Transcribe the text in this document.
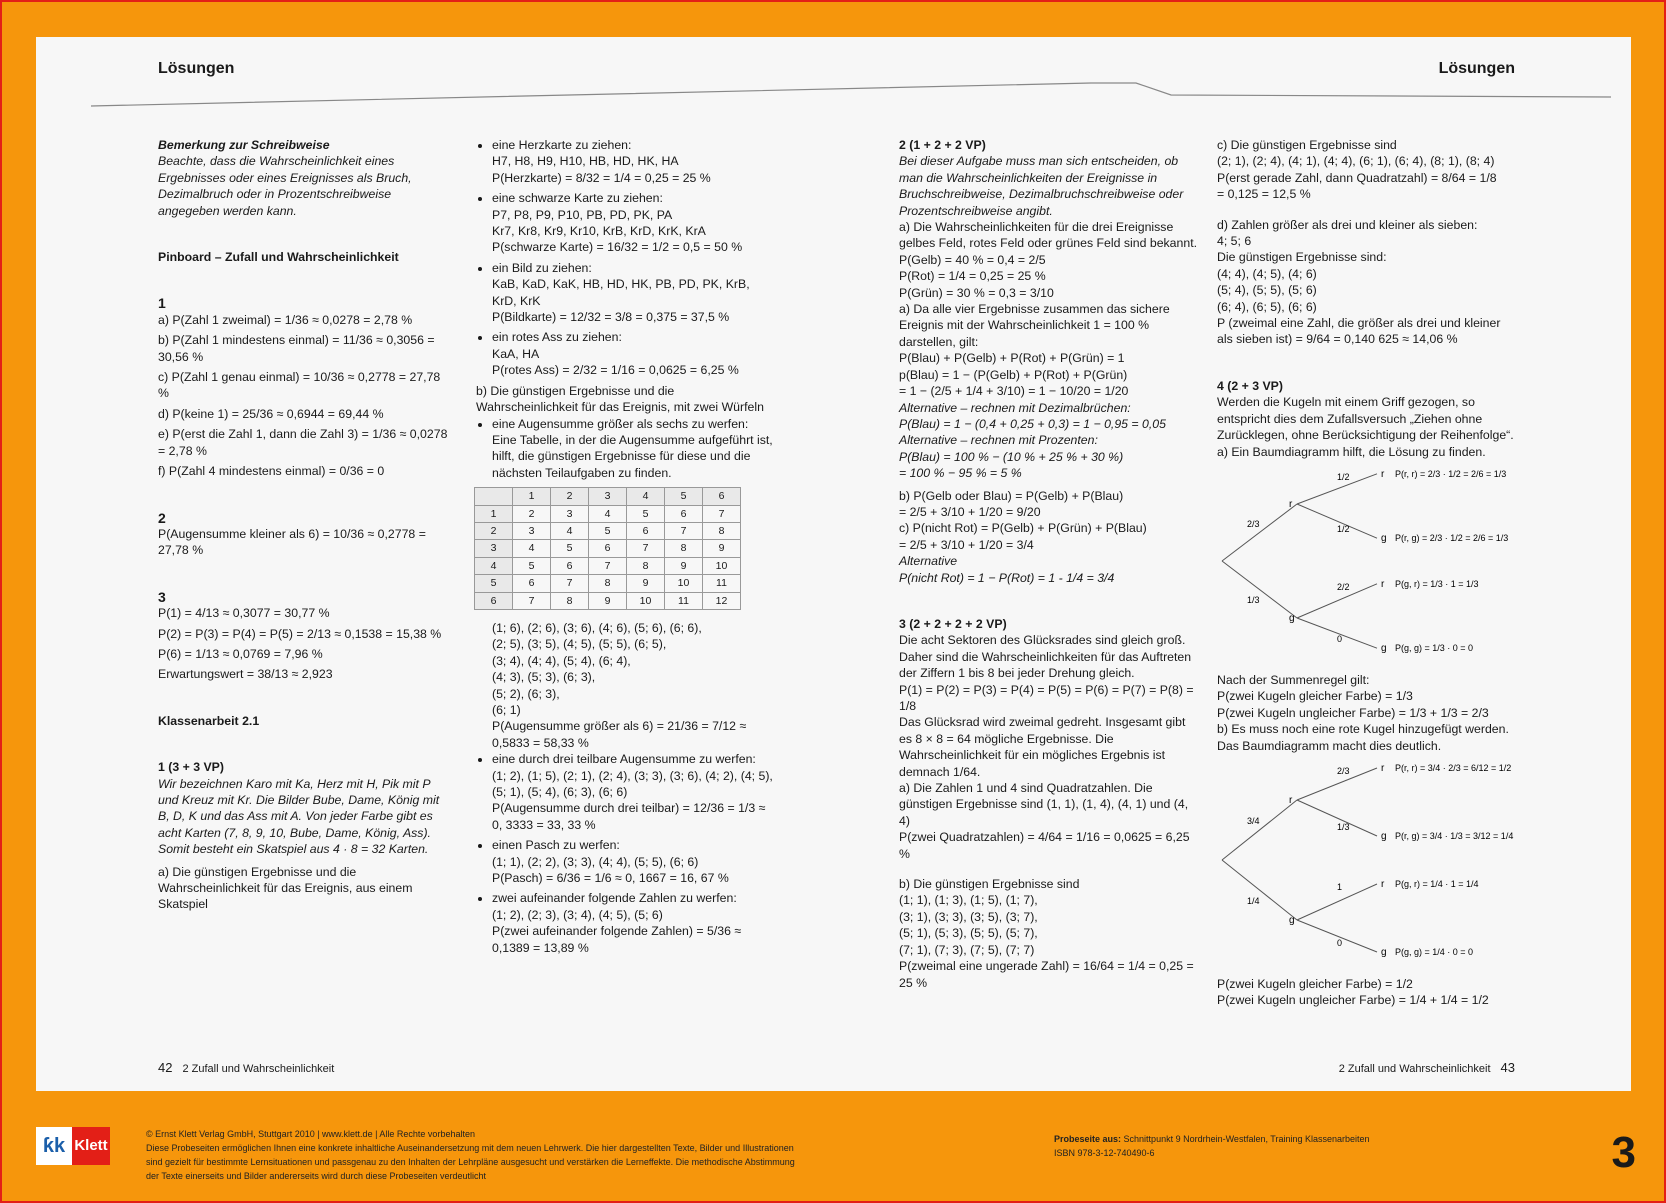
Lösungen	Lösungen
Bemerkung zur Schreibweise
Beachte, dass die Wahrscheinlichkeit eines Ergebnisses oder eines Ereignisses als Bruch, Dezimalbruch oder in Prozentschreibweise angegeben werden kann.
Pinboard – Zufall und Wahrscheinlichkeit
1
a) P(Zahl 1 zweimal) = 1/36 ≈ 0,0278 = 2,78 %
b) P(Zahl 1 mindestens einmal) = 11/36 ≈ 0,3056 = 30,56 %
c) P(Zahl 1 genau einmal) = 10/36 ≈ 0,2778 = 27,78 %
d) P(keine 1) = 25/36 ≈ 0,6944 = 69,44 %
e) P(erst die Zahl 1, dann die Zahl 3) = 1/36 ≈ 0,0278 = 2,78 %
f) P(Zahl 4 mindestens einmal) = 0/36 = 0
2
P(Augensumme kleiner als 6) = 10/36 ≈ 0,2778 = 27,78 %
3
P(1) = 4/13 ≈ 0,3077 = 30,77 %
P(2) = P(3) = P(4) = P(5) = 2/13 ≈ 0,1538 = 15,38 %
P(6) = 1/13 ≈ 0,0769 = 7,96 %
Erwartungswert = 38/13 ≈ 2,923
Klassenarbeit 2.1
1 (3 + 3 VP)
Wir bezeichnen Karo mit Ka, Herz mit H, Pik mit P und Kreuz mit Kr. Die Bilder Bube, Dame, König mit B, D, K und das Ass mit A. Von jeder Farbe gibt es acht Karten (7, 8, 9, 10, Bube, Dame, König, Ass). Somit besteht ein Skatspiel aus 4 · 8 = 32 Karten.
a) Die günstigen Ergebnisse und die Wahrscheinlichkeit für das Ereignis, aus einem Skatspiel
• eine Herzkarte zu ziehen:
H7, H8, H9, H10, HB, HD, HK, HA
P(Herzkarte) = 8/32 = 1/4 = 0,25 = 25 %
• eine schwarze Karte zu ziehen:
P7, P8, P9, P10, PB, PD, PK, PA
Kr7, Kr8, Kr9, Kr10, KrB, KrD, KrK, KrA
P(schwarze Karte) = 16/32 = 1/2 = 0,5 = 50 %
• ein Bild zu ziehen:
KaB, KaD, KaK, HB, HD, HK, PB, PD, PK, KrB, KrD, KrK
P(Bildkarte) = 12/32 = 3/8 = 0,375 = 37,5 %
• ein rotes Ass zu ziehen:
KaA, HA
P(rotes Ass) = 2/32 = 1/16 = 0,0625 = 6,25 %
b) Die günstigen Ergebnisse und die Wahrscheinlichkeit für das Ereignis, mit zwei Würfeln
• eine Augensumme größer als sechs zu werfen: Eine Tabelle, in der die Augensumme aufgeführt ist, hilft, die günstigen Ergebnisse für diese und die nächsten Teilaufgaben zu finden.
	1	2	3	4	5	6
1	2	3	4	5	6	7
2	3	4	5	6	7	8
3	4	5	6	7	8	9
4	5	6	7	8	9	10
5	6	7	8	9	10	11
6	7	8	9	10	11	12
(1; 6), (2; 6), (3; 6), (4; 6), (5; 6), (6; 6),
(2; 5), (3; 5), (4; 5), (5; 5), (6; 5),
(3; 4), (4; 4), (5; 4), (6; 4),
(4; 3), (5; 3), (6; 3),
(5; 2), (6; 3),
(6; 1)
P(Augensumme größer als 6) = 21/36 = 7/12 ≈ 0,5833 = 58,33 %
• eine durch drei teilbare Augensumme zu werfen:
(1; 2), (1; 5), (2; 1), (2; 4), (3; 3), (3; 6), (4; 2), (4; 5), (5; 1), (5; 4), (6; 3), (6; 6)
P(Augensumme durch drei teilbar) = 12/36 = 1/3 ≈ 0, 3333 = 33, 33 %
• einen Pasch zu werfen:
(1; 1), (2; 2), (3; 3), (4; 4), (5; 5), (6; 6)
P(Pasch) = 6/36 = 1/6 ≈ 0, 1667 = 16, 67 %
• zwei aufeinander folgende Zahlen zu werfen:
(1; 2), (2; 3), (3; 4), (4; 5), (5; 6)
P(zwei aufeinander folgende Zahlen) = 5/36 ≈ 0,1389 = 13,89 %
2 (1 + 2 + 2 VP)
Bei dieser Aufgabe muss man sich entscheiden, ob man die Wahrscheinlichkeiten der Ereignisse in Bruchschreibweise, Dezimalbruchschreibweise oder Prozentschreibweise angibt.
a) Die Wahrscheinlichkeiten für die drei Ereignisse gelbes Feld, rotes Feld oder grünes Feld sind bekannt.
P(Gelb) = 40 % = 0,4 = 2/5
P(Rot) = 1/4 = 0,25 = 25 %
P(Grün) = 30 % = 0,3 = 3/10
a) Da alle vier Ergebnisse zusammen das sichere Ereignis mit der Wahrscheinlichkeit 1 = 100 % darstellen, gilt:
P(Blau) + P(Gelb) + P(Rot) + P(Grün) = 1
p(Blau) = 1 − (P(Gelb) + P(Rot) + P(Grün)
= 1 − (2/5 + 1/4 + 3/10) = 1 − 10/20 = 1/20
Alternative – rechnen mit Dezimalbrüchen:
P(Blau) = 1 − (0,4 + 0,25 + 0,3) = 1 − 0,95 = 0,05
Alternative – rechnen mit Prozenten:
P(Blau) = 100 % − (10 % + 25 % + 30 %)
= 100 % − 95 % = 5 %
b) P(Gelb oder Blau) = P(Gelb) + P(Blau)
= 2/5 + 3/10 + 1/20 = 9/20
c) P(nicht Rot) = P(Gelb) + P(Grün) + P(Blau)
= 2/5 + 3/10 + 1/20 = 3/4
Alternative
P(nicht Rot) = 1 − P(Rot) = 1 - 1/4 = 3/4
3 (2 + 2 + 2 + 2 VP)
Die acht Sektoren des Glücksrades sind gleich groß. Daher sind die Wahrscheinlichkeiten für das Auftreten der Ziffern 1 bis 8 bei jeder Drehung gleich.
P(1) = P(2) = P(3) = P(4) = P(5) = P(6) = P(7) = P(8) = 1/8
Das Glücksrad wird zweimal gedreht. Insgesamt gibt es 8 × 8 = 64 mögliche Ergebnisse. Die Wahrscheinlichkeit für ein mögliches Ergebnis ist demnach 1/64.
a) Die Zahlen 1 und 4 sind Quadratzahlen. Die günstigen Ergebnisse sind (1, 1), (1, 4), (4, 1) und (4, 4)
P(zwei Quadratzahlen) = 4/64 = 1/16 = 0,0625 = 6,25 %
b) Die günstigen Ergebnisse sind
(1; 1), (1; 3), (1; 5), (1; 7),
(3; 1), (3; 3), (3; 5), (3; 7),
(5; 1), (5; 3), (5; 5), (5; 7),
(7; 1), (7; 3), (7; 5), (7; 7)
P(zweimal eine ungerade Zahl) = 16/64 = 1/4 = 0,25 = 25 %
c) Die günstigen Ergebnisse sind
(2; 1), (2; 4), (4; 1), (4; 4), (6; 1), (6; 4), (8; 1), (8; 4)
P(erst gerade Zahl, dann Quadratzahl) = 8/64 = 1/8
= 0,125 = 12,5 %
d) Zahlen größer als drei und kleiner als sieben:
4; 5; 6
Die günstigen Ergebnisse sind:
(4; 4), (4; 5), (4; 6)
(5; 4), (5; 5), (5; 6)
(6; 4), (6; 5), (6; 6)
P (zweimal eine Zahl, die größer als drei und kleiner als sieben ist) = 9/64 = 0,140 625 ≈ 14,06 %
4 (2 + 3 VP)
Werden die Kugeln mit einem Griff gezogen, so entspricht dies dem Zufallsversuch „Ziehen ohne Zurücklegen, ohne Berücksichtigung der Reihenfolge“.
a) Ein Baumdiagramm hilft, die Lösung zu finden.
2/3
1/3
r
g
1/2	r P(r, r) = 2/3 · 1/2 = 2/6 = 1/3
1/2
g P(r, g) = 2/3 · 1/2 = 2/6 = 1/3
2/2	r P(g, r) = 1/3 · 1 = 1/3
0
g P(g, g) = 1/3 · 0 = 0
Nach der Summenregel gilt:
P(zwei Kugeln gleicher Farbe) = 1/3
P(zwei Kugeln ungleicher Farbe) = 1/3 + 1/3 = 2/3
b) Es muss noch eine rote Kugel hinzugefügt werden. Das Baumdiagramm macht dies deutlich.
3/4
1/4
r
g
2/3	r P(r, r) = 3/4 · 2/3 = 6/12 = 1/2
1/3
g P(r, g) = 3/4 · 1/3 = 3/12 = 1/4
1	r P(g, r) = 1/4 · 1 = 1/4
0
g P(g, g) = 1/4 · 0 = 0
P(zwei Kugeln gleicher Farbe) = 1/2
P(zwei Kugeln ungleicher Farbe) = 1/4 + 1/4 = 1/2
42 2 Zufall und Wahrscheinlichkeit	2 Zufall und Wahrscheinlichkeit 43
ƙk Klett
© Ernst Klett Verlag GmbH, Stuttgart 2010 | www.klett.de | Alle Rechte vorbehalten
Diese Probeseiten ermöglichen Ihnen eine konkrete inhaltliche Auseinandersetzung mit dem neuen Lehrwerk. Die hier dargestellten Texte, Bilder und Illustrationen sind gezielt für bestimmte Lernsituationen und passgenau zu den Inhalten der Lehrpläne ausgesucht und verstärken die Lerneffekte. Die methodische Abstimmung der Texte einerseits und Bilder andererseits wird durch diese Probeseiten verdeutlicht
Probeseite aus: Schnittpunkt 9 Nordrhein-Westfalen, Training Klassenarbeiten
ISBN 978-3-12-740490-6	3
